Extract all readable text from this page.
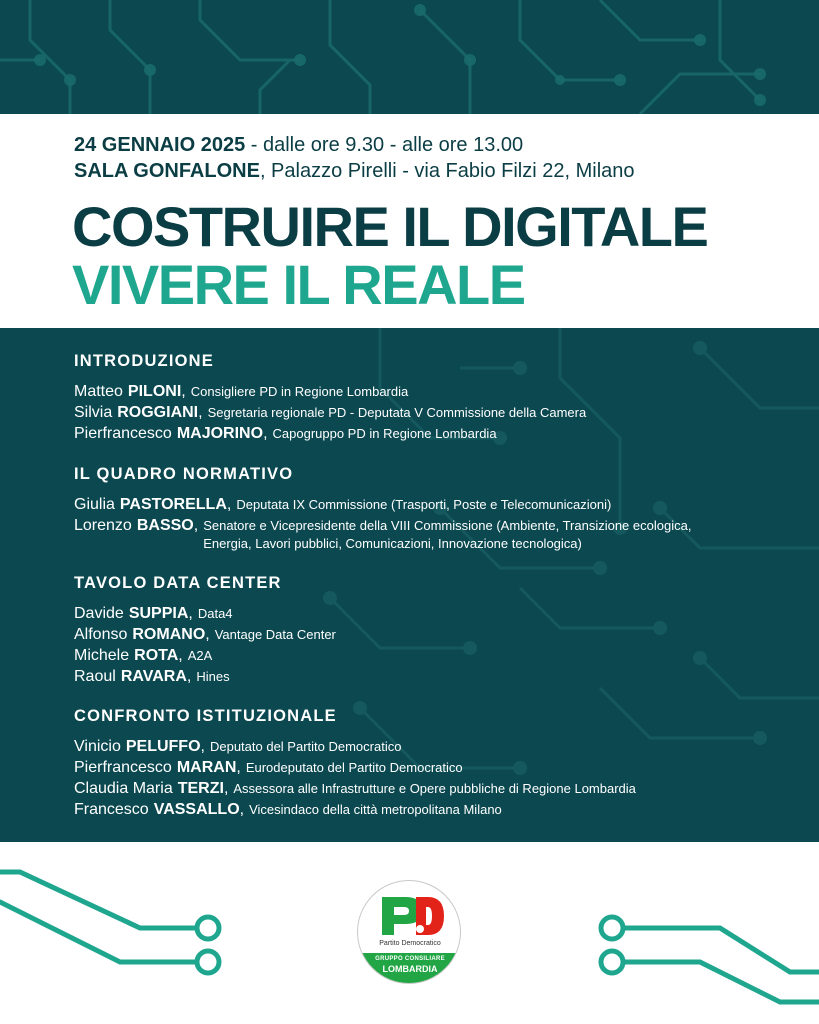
24 GENNAIO 2025 - dalle ore 9.30 - alle ore 13.00
SALA GONFALONE, Palazzo Pirelli - via Fabio Filzi 22, Milano
COSTRUIRE IL DIGITALE
VIVERE IL REALE
INTRODUZIONE
Matteo PILONI , Consigliere PD in Regione Lombardia
Silvia ROGGIANI , Segretaria regionale PD - Deputata V Commissione della Camera
Pierfrancesco MAJORINO , Capogruppo PD in Regione Lombardia
IL QUADRO NORMATIVO
Giulia PASTORELLA , Deputata IX Commissione (Trasporti, Poste e Telecomunicazioni)
Lorenzo BASSO , Senatore e Vicepresidente della VIII Commissione (Ambiente, Transizione ecologica, Energia, Lavori pubblici, Comunicazioni, Innovazione tecnologica)
TAVOLO DATA CENTER
Davide SUPPIA , Data4
Alfonso ROMANO , Vantage Data Center
Michele ROTA , A2A
Raoul RAVARA , Hines
CONFRONTO ISTITUZIONALE
Vinicio PELUFFO , Deputato del Partito Democratico
Pierfrancesco MARAN , Eurodeputato del Partito Democratico
Claudia Maria TERZI , Assessora alle Infrastrutture e Opere pubbliche di Regione Lombardia
Francesco VASSALLO , Vicesindaco della città metropolitana Milano
Partito Democratico
GRUPPO CONSILIARE
LOMBARDIA
